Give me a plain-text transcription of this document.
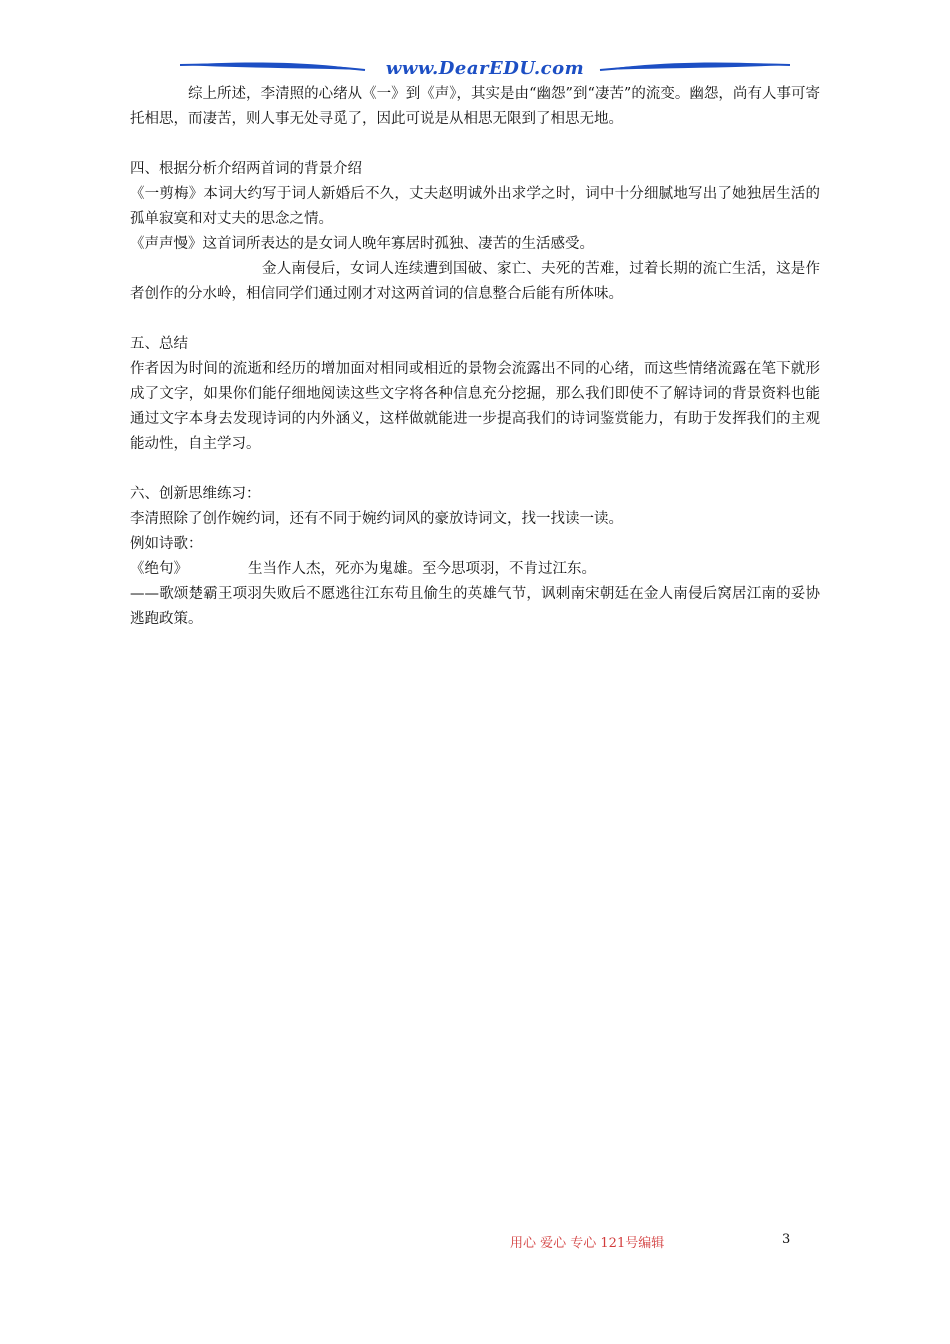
www.DearEDU.com

综上所述，李清照的心绪从《一》到《声》，其实是由“幽怨”到“凄苦”的流变。幽怨，尚有人事可寄托相思，而凄苦，则人事无处寻觅了，因此可说是从相思无限到了相思无地。

四、根据分析介绍两首词的背景介绍

《一剪梅》本词大约写于词人新婚后不久，丈夫赵明诚外出求学之时，词中十分细腻地写出了她独居生活的孤单寂寞和对丈夫的思念之情。

《声声慢》这首词所表达的是女词人晚年寡居时孤独、凄苦的生活感受。

金人南侵后，女词人连续遭到国破、家亡、夫死的苦难，过着长期的流亡生活，这是作者创作的分水岭，相信同学们通过刚才对这两首词的信息整合后能有所体味。

五、总结

作者因为时间的流逝和经历的增加面对相同或相近的景物会流露出不同的心绪，而这些情绪流露在笔下就形成了文字，如果你们能仔细地阅读这些文字将各种信息充分挖掘，那么我们即使不了解诗词的背景资料也能通过文字本身去发现诗词的内外涵义，这样做就能进一步提高我们的诗词鉴赏能力，有助于发挥我们的主观能动性，自主学习。

六、创新思维练习：

李清照除了创作婉约词，还有不同于婉约词风的豪放诗词文，找一找读一读。

例如诗歌：

《绝句》	生当作人杰，死亦为鬼雄。至今思项羽，不肯过江东。

——歌颂楚霸王项羽失败后不愿逃往江东苟且偷生的英雄气节，讽刺南宋朝廷在金人南侵后窝居江南的妥协逃跑政策。

用心 爱心 专心 121号编辑	3
